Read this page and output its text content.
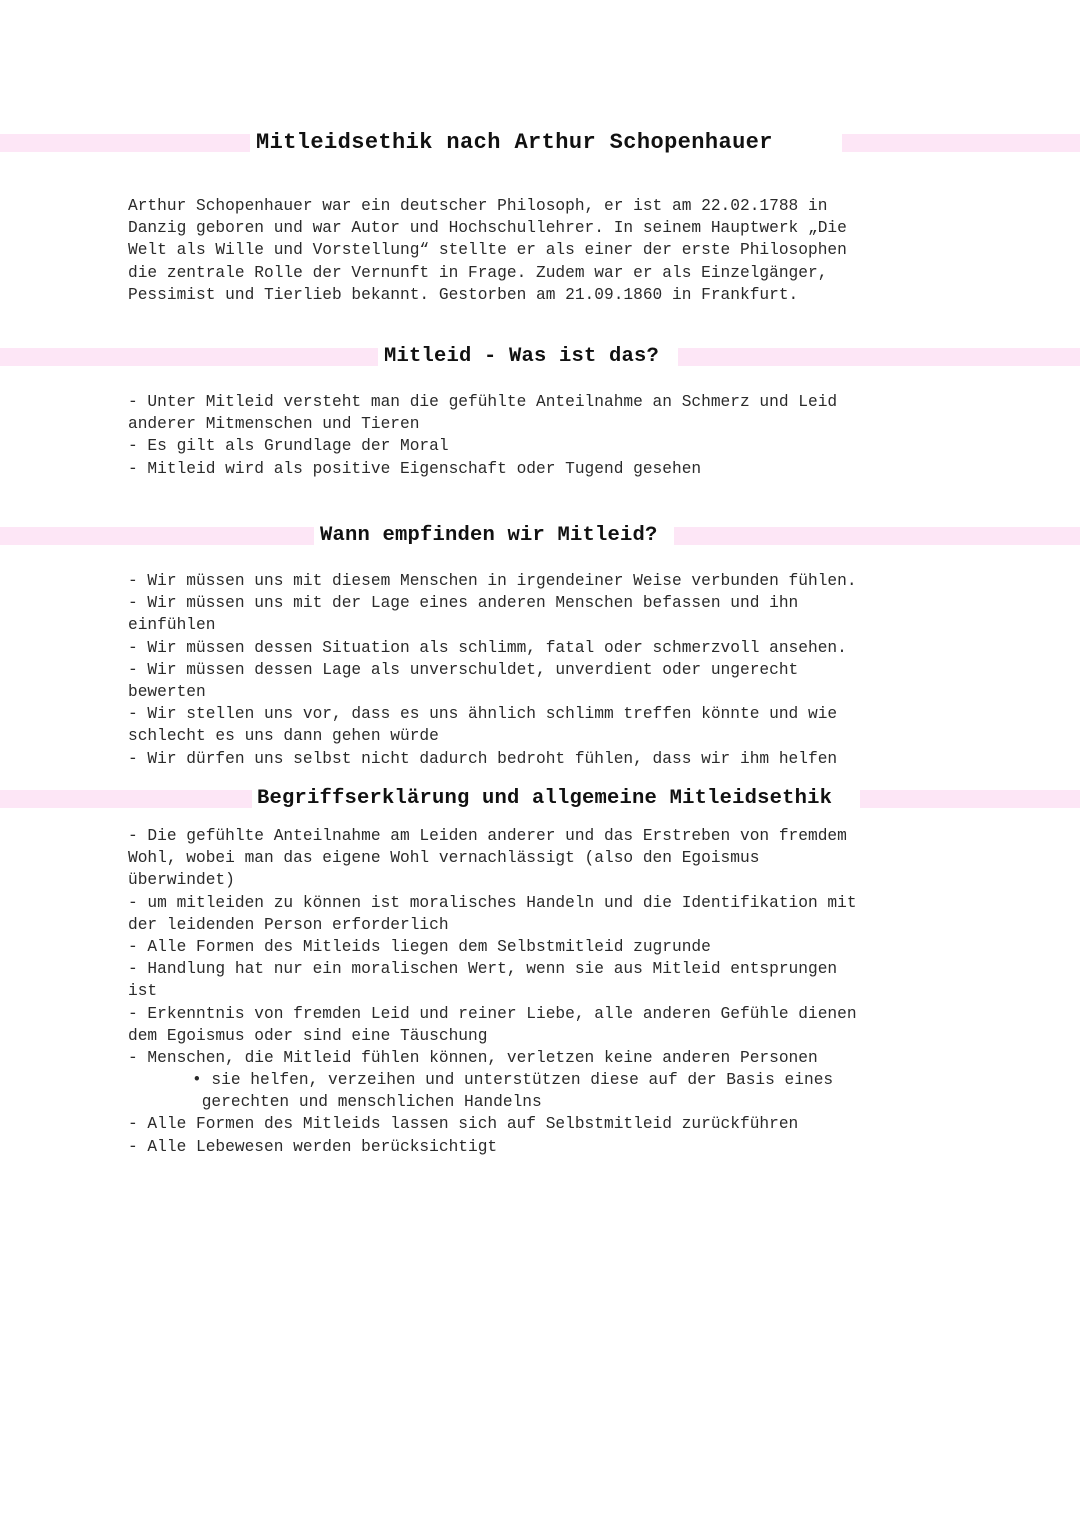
Mitleidsethik nach Arthur Schopenhauer
Arthur Schopenhauer war ein deutscher Philosoph, er ist am 22.02.1788 in
Danzig geboren und war Autor und Hochschullehrer. In seinem Hauptwerk „Die
Welt als Wille und Vorstellung“ stellte er als einer der erste Philosophen
die zentrale Rolle der Vernunft in Frage. Zudem war er als Einzelgänger,
Pessimist und Tierlieb bekannt. Gestorben am 21.09.1860 in Frankfurt.
Mitleid - Was ist das?
- Unter Mitleid versteht man die gefühlte Anteilnahme an Schmerz und Leid
anderer Mitmenschen und Tieren
- Es gilt als Grundlage der Moral
- Mitleid wird als positive Eigenschaft oder Tugend gesehen
Wann empfinden wir Mitleid?
- Wir müssen uns mit diesem Menschen in irgendeiner Weise verbunden fühlen.
- Wir müssen uns mit der Lage eines anderen Menschen befassen und ihn
einfühlen
- Wir müssen dessen Situation als schlimm, fatal oder schmerzvoll ansehen.
- Wir müssen dessen Lage als unverschuldet, unverdient oder ungerecht
bewerten
- Wir stellen uns vor, dass es uns ähnlich schlimm treffen könnte und wie
schlecht es uns dann gehen würde
- Wir dürfen uns selbst nicht dadurch bedroht fühlen, dass wir ihm helfen
Begriffserklärung und allgemeine Mitleidsethik
- Die gefühlte Anteilnahme am Leiden anderer und das Erstreben von fremdem
Wohl, wobei man das eigene Wohl vernachlässigt (also den Egoismus
überwindet)
- um mitleiden zu können ist moralisches Handeln und die Identifikation mit
der leidenden Person erforderlich
- Alle Formen des Mitleids liegen dem Selbstmitleid zugrunde
- Handlung hat nur ein moralischen Wert, wenn sie aus Mitleid entsprungen
ist
- Erkenntnis von fremden Leid und reiner Liebe, alle anderen Gefühle dienen
dem Egoismus oder sind eine Täuschung
- Menschen, die Mitleid fühlen können, verletzen keine anderen Personen
• sie helfen, verzeihen und unterstützen diese auf der Basis eines
gerechten und menschlichen Handelns
- Alle Formen des Mitleids lassen sich auf Selbstmitleid zurückführen
- Alle Lebewesen werden berücksichtigt
